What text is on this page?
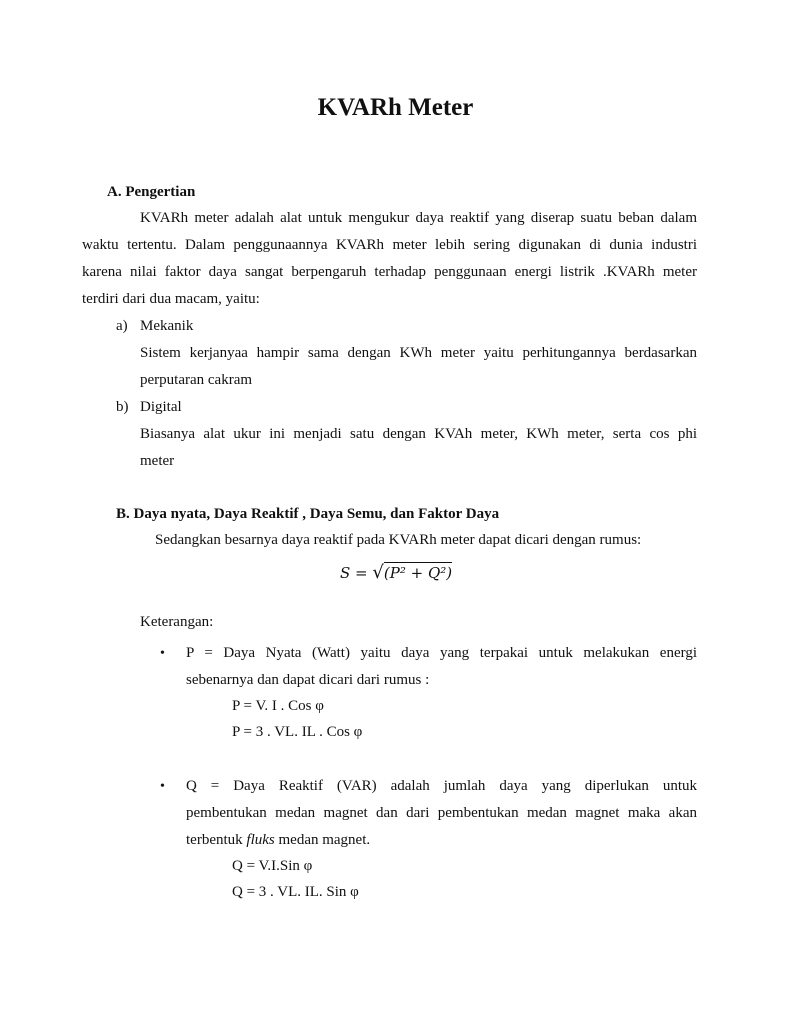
KVARh Meter
A. Pengertian
KVARh meter adalah alat untuk mengukur daya reaktif yang diserap suatu beban dalam
waktu tertentu. Dalam penggunaannya KVARh meter lebih sering digunakan di dunia industri
karena nilai faktor daya sangat berpengaruh terhadap penggunaan energi listrik .KVARh meter
terdiri dari dua macam, yaitu:
a) Mekanik
Sistem kerjanyaa hampir sama dengan KWh meter yaitu perhitungannya berdasarkan
perputaran cakram
b) Digital
Biasanya alat ukur ini menjadi satu dengan KVAh meter, KWh meter, serta cos phi
meter
B. Daya nyata, Daya Reaktif , Daya Semu, dan Faktor Daya
Sedangkan besarnya daya reaktif pada KVARh meter dapat dicari dengan rumus:
S = √(P² + Q²)
Keterangan:
• P = Daya Nyata (Watt) yaitu daya yang terpakai untuk melakukan energi
sebenarnya dan dapat dicari dari rumus :
P = V. I . Cos φ
P = 3 . VL. IL . Cos φ
• Q = Daya Reaktif (VAR) adalah jumlah daya yang diperlukan untuk
pembentukan medan magnet dan dari pembentukan medan magnet maka akan
terbentuk fluks medan magnet.
Q = V.I.Sin φ
Q = 3 . VL. IL. Sin φ
